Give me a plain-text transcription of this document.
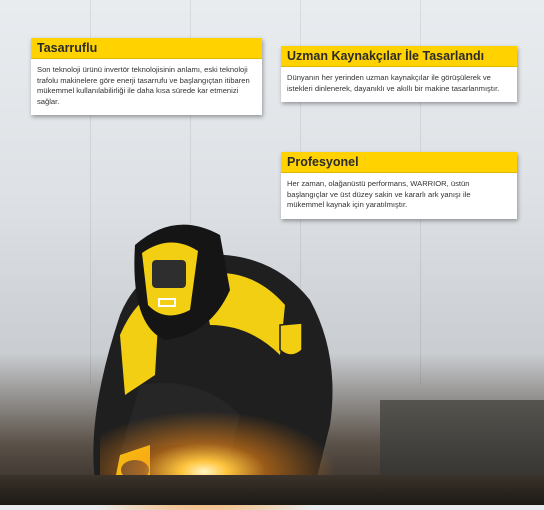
Tasarruflu
Son teknoloji ürünü invertör teknolojisinin anlamı, eski teknoloji trafolu makinelere göre enerji tasarrufu ve başlangıçtan itibaren mükemmel kullanılabilirliği ile daha kısa sürede kar etmenizi sağlar.
Uzman Kaynakçılar İle Tasarlandı
Dünyanın her yerinden uzman kaynakçılar ile görüşülerek ve istekleri dinlenerek, dayanıklı ve akıllı bir makine tasarlanmıştır.
Profesyonel
Her zaman, olağanüstü performans, WARRIOR, üstün başlangıçlar ve üst düzey sakin ve kararlı ark yanışı ile mükemmel kaynak için yaratılmıştır.
